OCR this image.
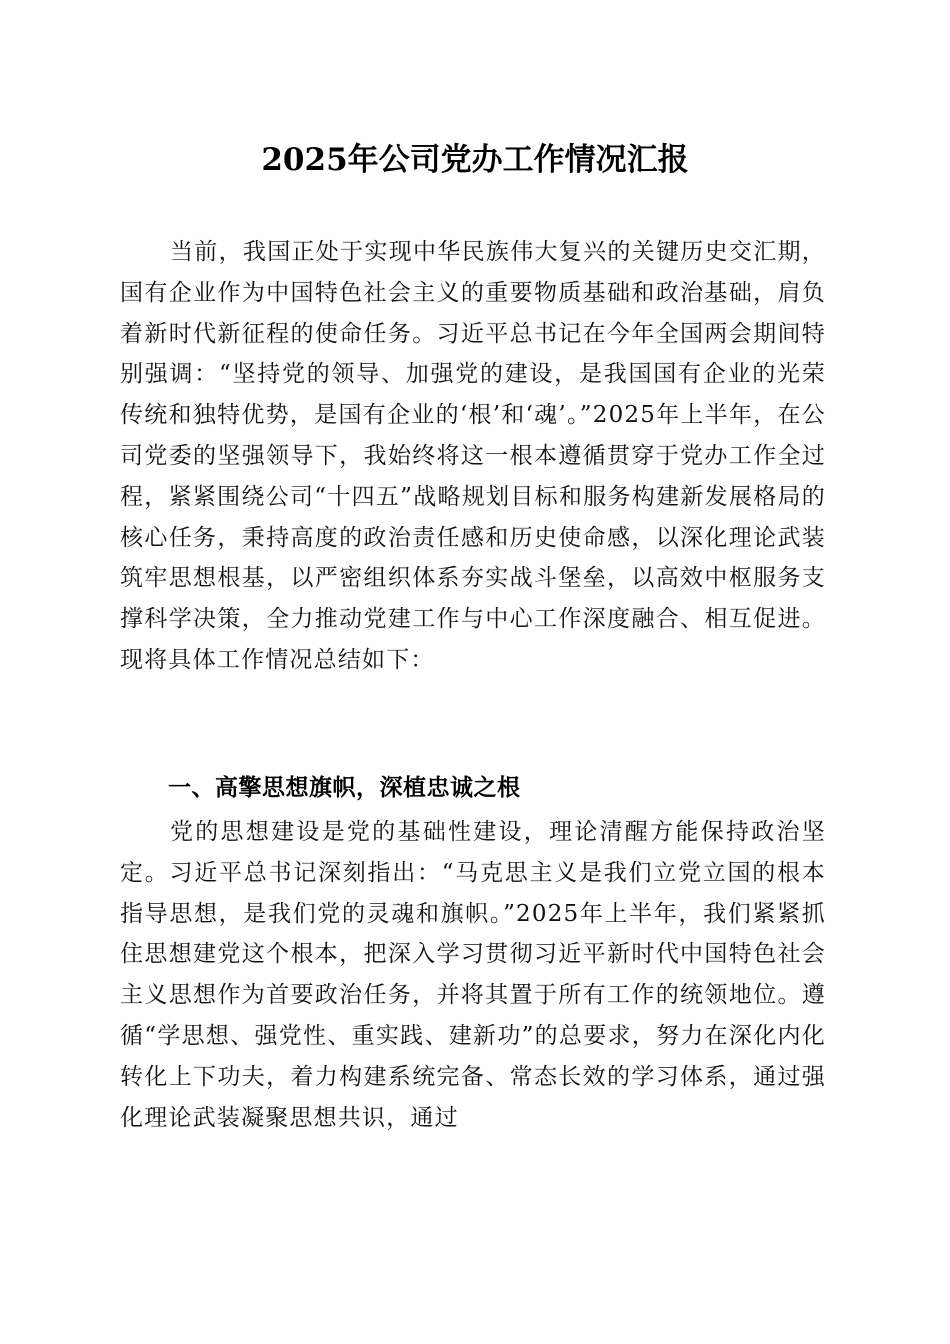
2025年公司党办工作情况汇报

当前，我国正处于实现中华民族伟大复兴的关键历史交汇期，国有企业作为中国特色社会主义的重要物质基础和政治基础，肩负着新时代新征程的使命任务。习近平总书记在今年全国两会期间特别强调：“坚持党的领导、加强党的建设，是我国国有企业的光荣传统和独特优势，是国有企业的‘根’和‘魂’。”2025年上半年，在公司党委的坚强领导下，我始终将这一根本遵循贯穿于党办工作全过程，紧紧围绕公司“十四五”战略规划目标和服务构建新发展格局的核心任务，秉持高度的政治责任感和历史使命感，以深化理论武装筑牢思想根基，以严密组织体系夯实战斗堡垒，以高效中枢服务支撑科学决策，全力推动党建工作与中心工作深度融合、相互促进。现将具体工作情况总结如下：

一、高擎思想旗帜，深植忠诚之根

党的思想建设是党的基础性建设，理论清醒方能保持政治坚定。习近平总书记深刻指出：“马克思主义是我们立党立国的根本指导思想，是我们党的灵魂和旗帜。”2025年上半年，我们紧紧抓住思想建党这个根本，把深入学习贯彻习近平新时代中国特色社会主义思想作为首要政治任务，并将其置于所有工作的统领地位。遵循“学思想、强党性、重实践、建新功”的总要求，努力在深化内化转化上下功夫，着力构建系统完备、常态长效的学习体系，通过强化理论武装凝聚思想共识，通过
